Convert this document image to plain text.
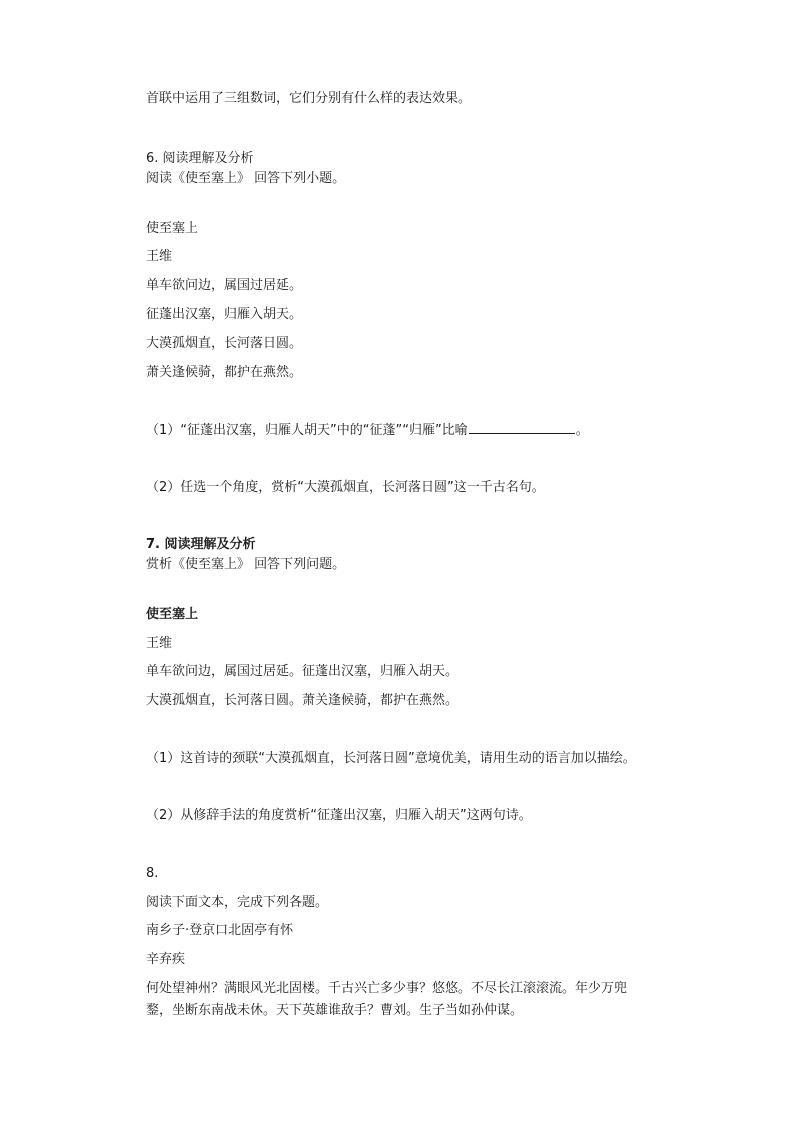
首联中运用了三组数词，它们分别有什么样的表达效果。
6. 阅读理解及分析
阅读《使至塞上》 回答下列小题。
使至塞上
王维
单车欲问边，属国过居延。
征蓬出汉塞，归雁入胡天。
大漠孤烟直，长河落日圆。
萧关逢候骑，都护在燕然。
（1）“征蓬出汉塞，归雁人胡天”中的“征蓬”“归雁”比喻	。
（2）任选一个角度，赏析“大漠孤烟直，长河落日圆”这一千古名句。
7. 阅读理解及分析
赏析《使至塞上》 回答下列问题。
使至塞上
王维
单车欲问边，属国过居延。征蓬出汉塞，归雁入胡天。
大漠孤烟直，长河落日圆。萧关逢候骑，都护在燕然。
（1）这首诗的颈联“大漠孤烟直，长河落日圆”意境优美，请用生动的语言加以描绘。
（2）从修辞手法的角度赏析“征蓬出汉塞，归雁入胡天”这两句诗。
8.
阅读下面文本，完成下列各题。
南乡子·登京口北固亭有怀
辛弃疾
何处望神州？满眼风光北固楼。千古兴亡多少事？悠悠。不尽长江滚滚流。年少万兜
鍪，坐断东南战未休。天下英雄谁敌手？曹刘。生子当如孙仲谋。
